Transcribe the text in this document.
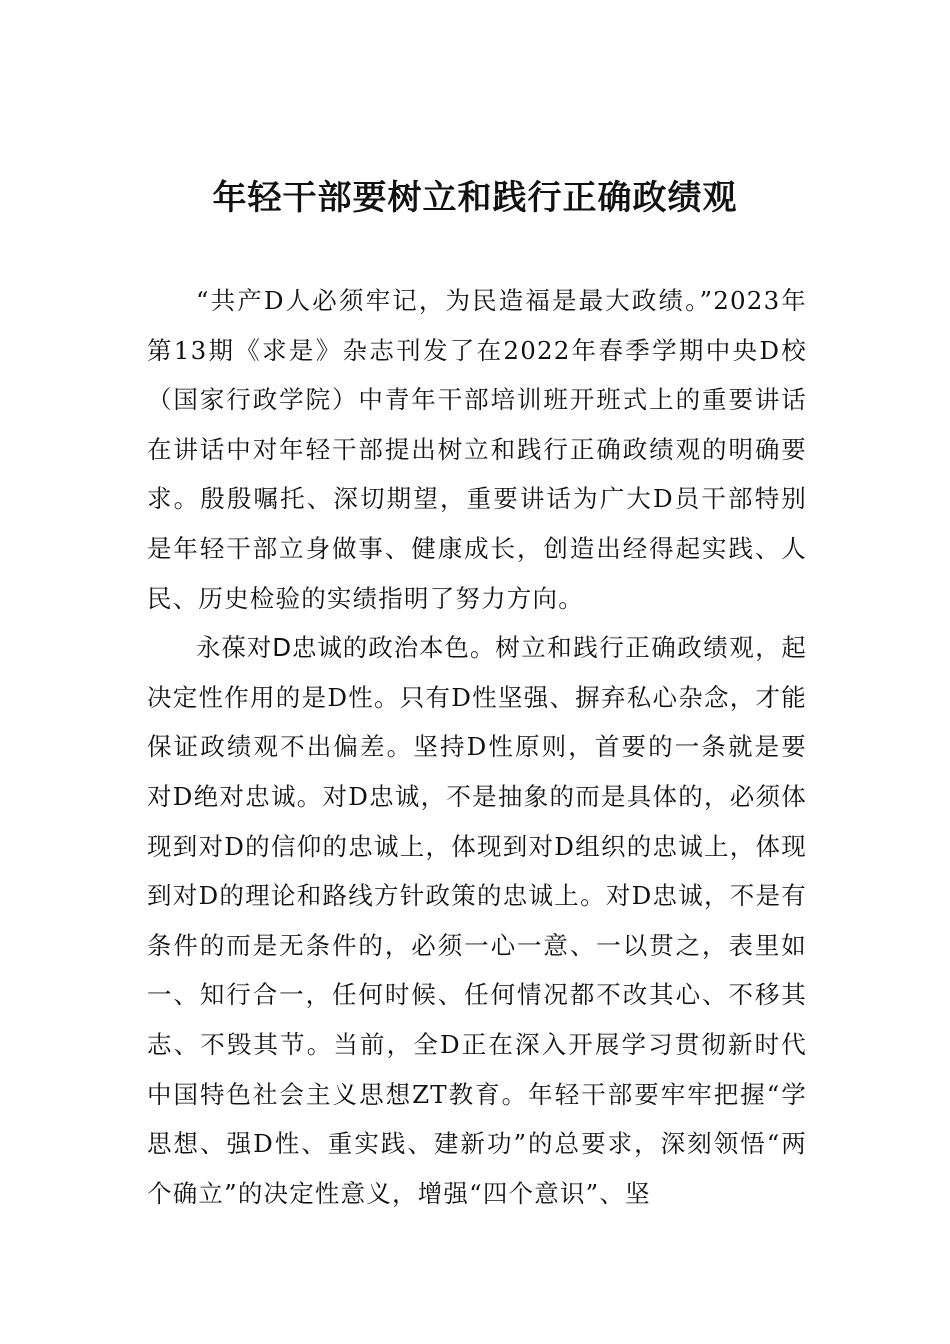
年轻干部要树立和践行正确政绩观

“共产D人必须牢记，为民造福是最大政绩。”2023年第13期《求是》杂志刊发了在2022年春季学期中央D校（国家行政学院）中青年干部培训班开班式上的重要讲话在讲话中对年轻干部提出树立和践行正确政绩观的明确要求。殷殷嘱托、深切期望，重要讲话为广大D员干部特别是年轻干部立身做事、健康成长，创造出经得起实践、人民、历史检验的实绩指明了努力方向。

永葆对D忠诚的政治本色。树立和践行正确政绩观，起决定性作用的是D性。只有D性坚强、摒弃私心杂念，才能保证政绩观不出偏差。坚持D性原则，首要的一条就是要对D绝对忠诚。对D忠诚，不是抽象的而是具体的，必须体现到对D的信仰的忠诚上，体现到对D组织的忠诚上，体现到对D的理论和路线方针政策的忠诚上。对D忠诚，不是有条件的而是无条件的，必须一心一意、一以贯之，表里如一、知行合一，任何时候、任何情况都不改其心、不移其志、不毁其节。当前，全D正在深入开展学习贯彻新时代中国特色社会主义思想ZT教育。年轻干部要牢牢把握“学思想、强D性、重实践、建新功”的总要求，深刻领悟“两个确立”的决定性意义，增强“四个意识”、坚
